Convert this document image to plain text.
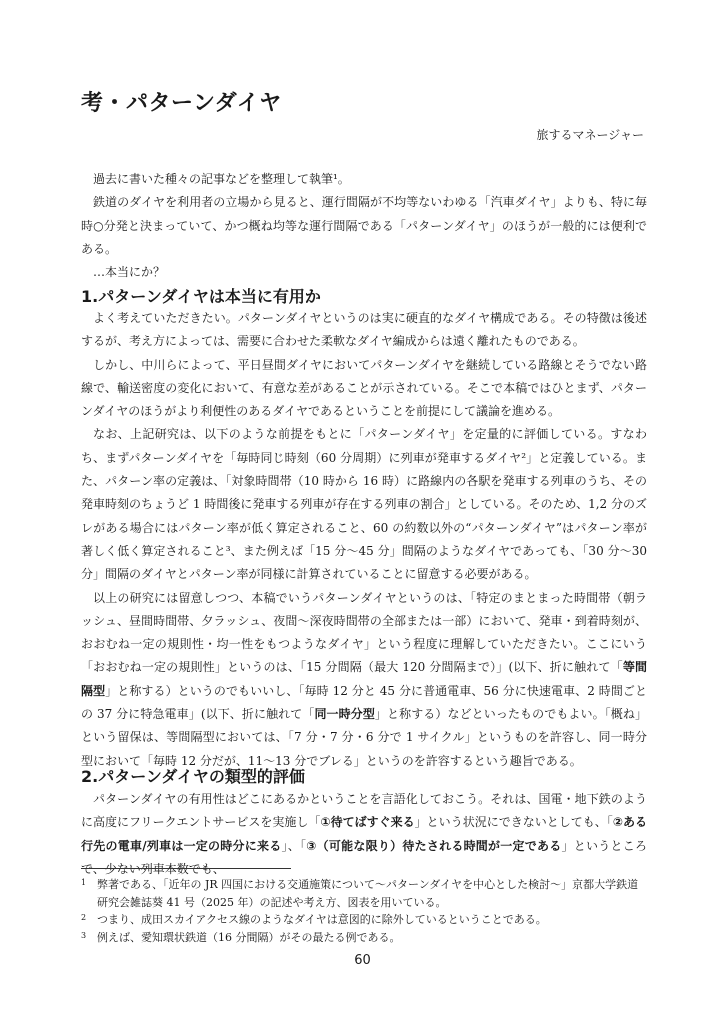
考・パターンダイヤ
旅するマネージャー

過去に書いた種々の記事などを整理して執筆¹。

鉄道のダイヤを利用者の立場から見ると、運行間隔が不均等ないわゆる「汽車ダイヤ」よりも、特に毎時○分発と決まっていて、かつ概ね均等な運行間隔である「パターンダイヤ」のほうが一般的には便利である。

…本当にか？

1.パターンダイヤは本当に有用か

よく考えていただきたい。パターンダイヤというのは実に硬直的なダイヤ構成である。その特徴は後述するが、考え方によっては、需要に合わせた柔軟なダイヤ編成からは遠く離れたものである。

しかし、中川らによって、平日昼間ダイヤにおいてパターンダイヤを継続している路線とそうでない路線で、輸送密度の変化において、有意な差があることが示されている。そこで本稿ではひとまず、パターンダイヤのほうがより利便性のあるダイヤであるということを前提にして議論を進める。

なお、上記研究は、以下のような前提をもとに「パターンダイヤ」を定量的に評価している。すなわち、まずパターンダイヤを「毎時同じ時刻（60 分周期）に列車が発車するダイヤ²」と定義している。また、パターン率の定義は、「対象時間帯（10 時から 16 時）に路線内の各駅を発車する列車のうち、その発車時刻のちょうど 1 時間後に発車する列車が存在する列車の割合」としている。そのため、1,2 分のズレがある場合にはパターン率が低く算定されること、60 の約数以外の“パターンダイヤ”はパターン率が著しく低く算定されること³、また例えば「15 分～45 分」間隔のようなダイヤであっても、「30 分～30 分」間隔のダイヤとパターン率が同様に計算されていることに留意する必要がある。

以上の研究には留意しつつ、本稿でいうパターンダイヤというのは、「特定のまとまった時間帯（朝ラッシュ、昼間時間帯、夕ラッシュ、夜間～深夜時間帯の全部または一部）において、発車・到着時刻が、おおむね一定の規則性・均一性をもつようなダイヤ」という程度に理解していただきたい。ここにいう「おおむね一定の規則性」というのは、「15 分間隔（最大 120 分間隔まで）」(以下、折に触れて「等間隔型」と称する）というのでもいいし、「毎時 12 分と 45 分に普通電車、56 分に快速電車、2 時間ごとの 37 分に特急電車」(以下、折に触れて「同一時分型」と称する）などといったものでもよい。「概ね」という留保は、等間隔型においては、「7 分・7 分・6 分で 1 サイクル」というものを許容し、同一時分型において「毎時 12 分だが、11～13 分でブレる」というのを許容するという趣旨である。

2.パターンダイヤの類型的評価

パターンダイヤの有用性はどこにあるかということを言語化しておこう。それは、国電・地下鉄のように高度にフリークエントサービスを実施し「①待てばすぐ来る」という状況にできないとしても、「②ある行先の電車/列車は一定の時分に来る」、「③（可能な限り）待たされる時間が一定である」というところで、少ない列車本数でも、

1 弊著である、「近年の JR 四国における交通施策について～パターンダイヤを中心とした検討～」京都大学鉄道研究会雑誌葵 41 号（2025 年）の記述や考え方、図表を用いている。
2 つまり、成田スカイアクセス線のようなダイヤは意図的に除外しているということである。
3 例えば、愛知環状鉄道（16 分間隔）がその最たる例である。
60
